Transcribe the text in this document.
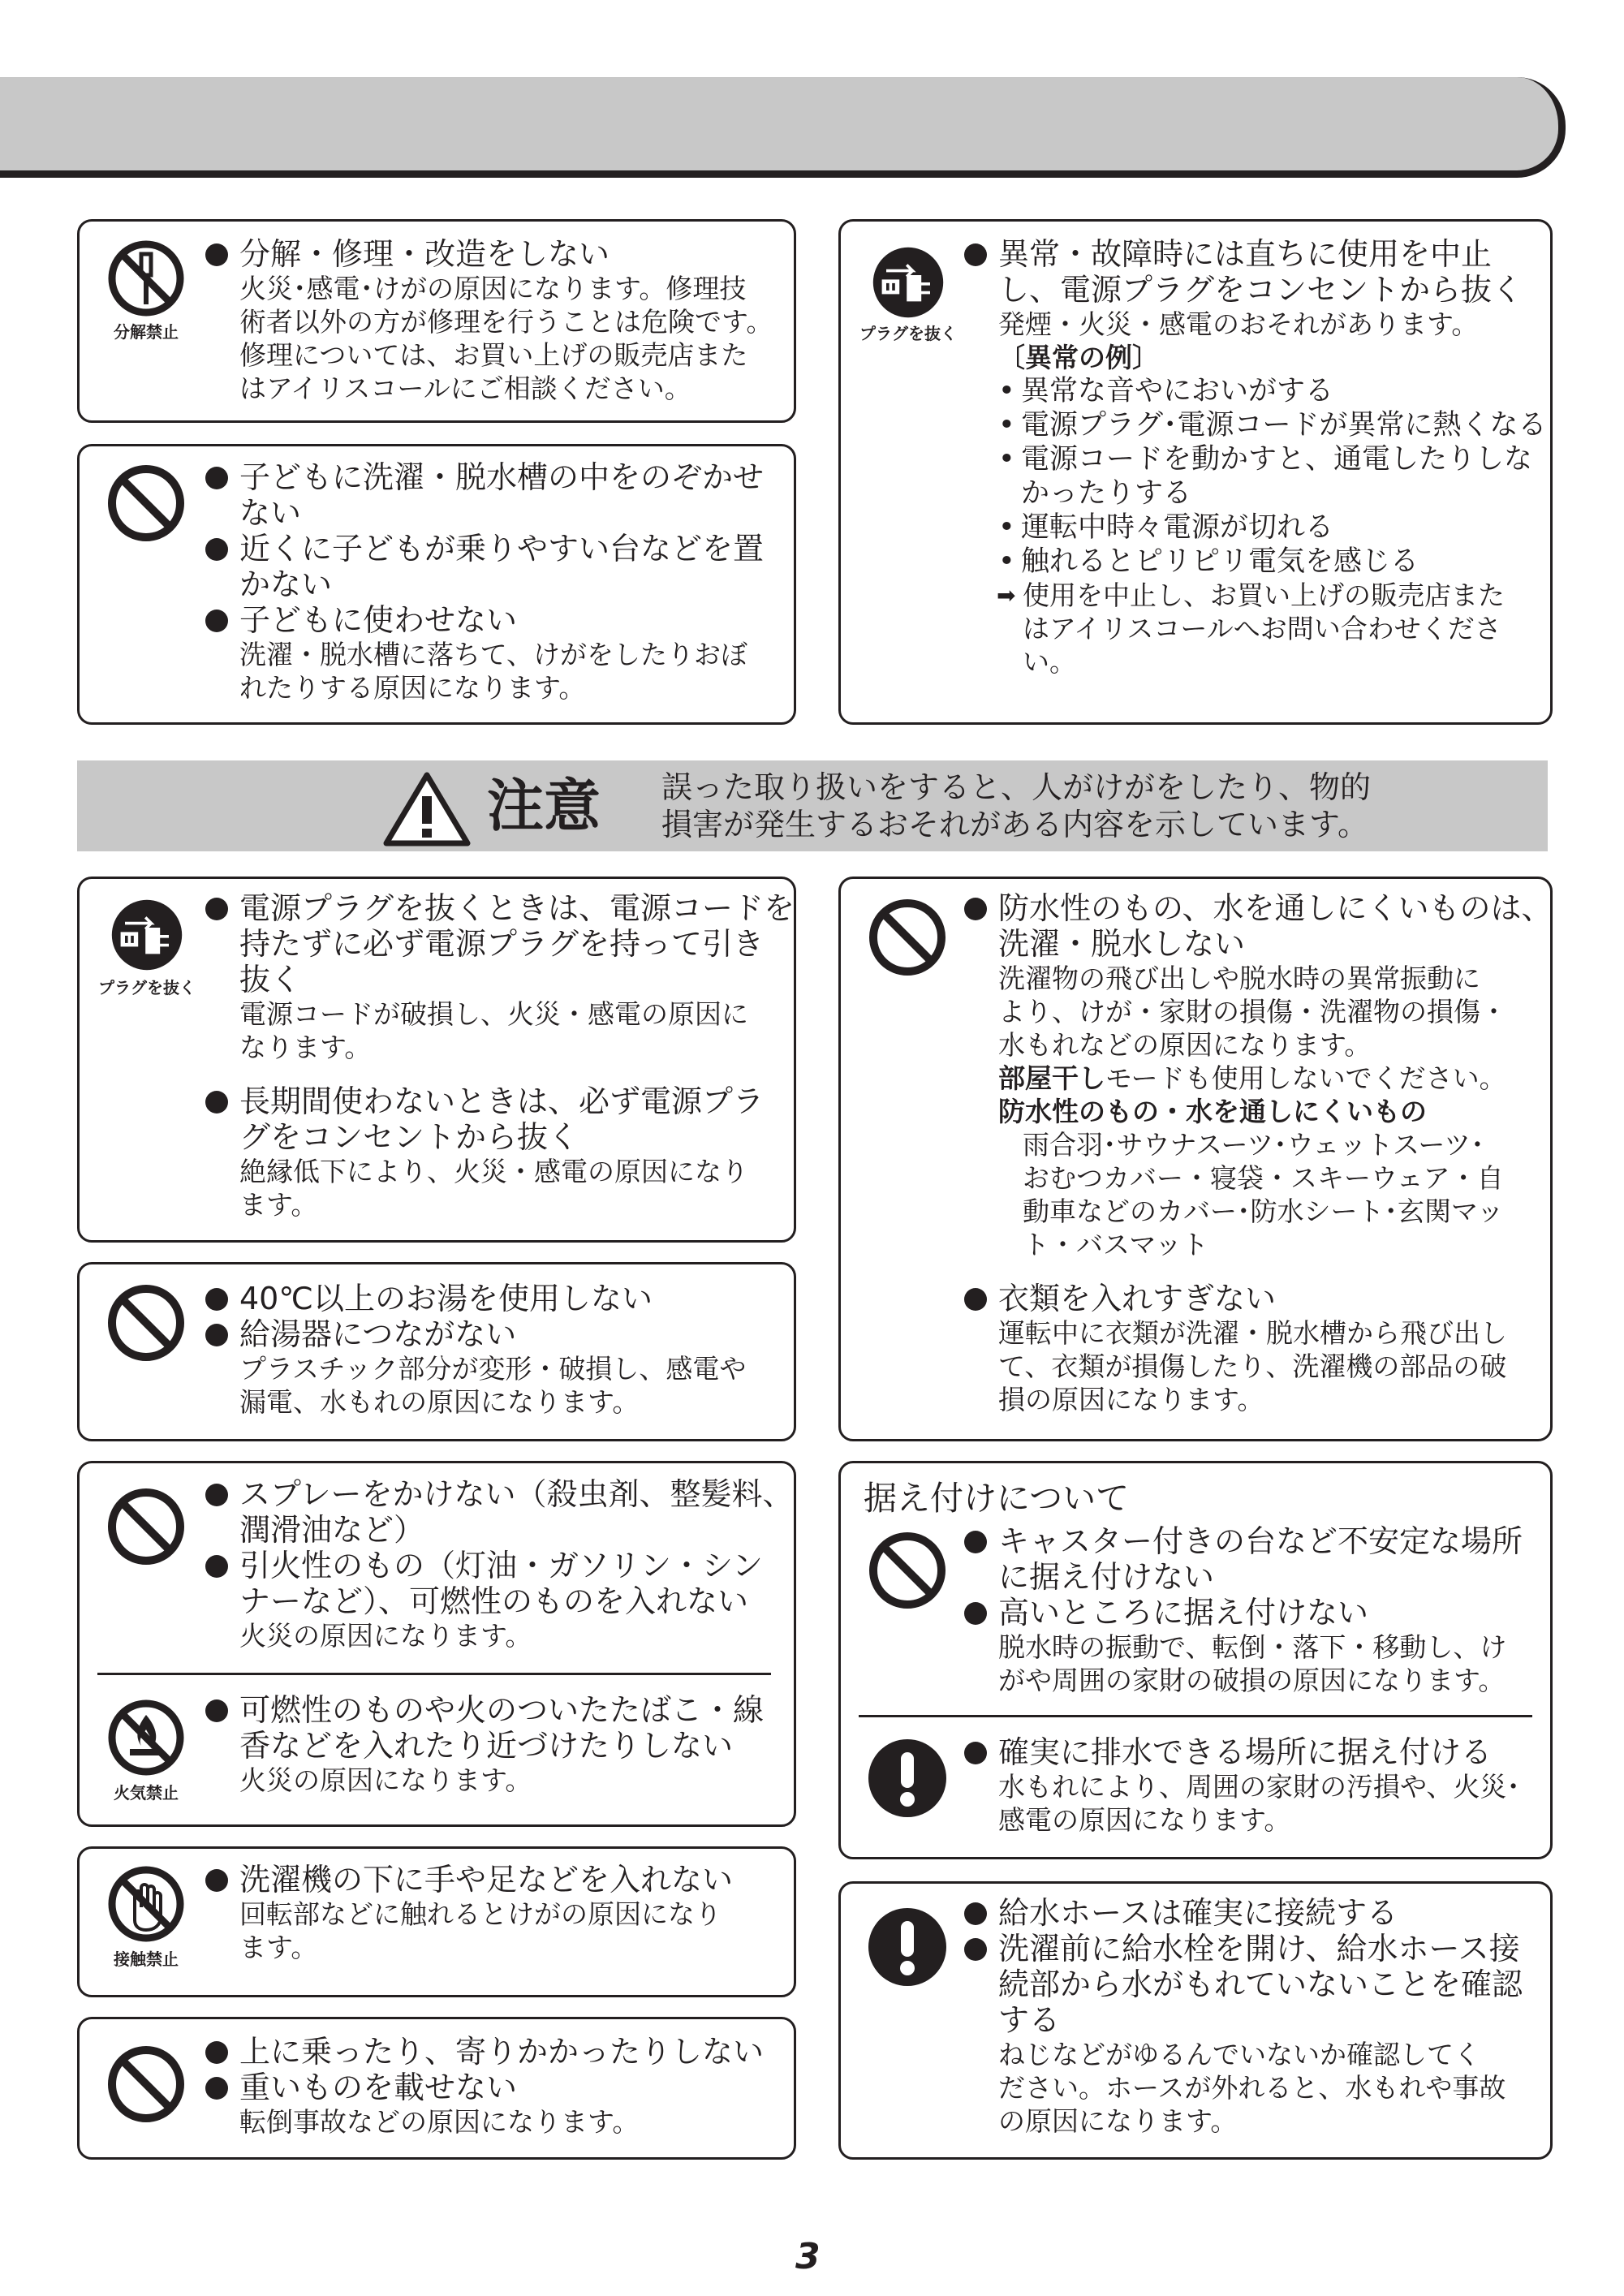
分解禁止
分解・修理・改造をしない
火災･感電･けがの原因になります。修理技
術者以外の方が修理を行うことは危険です。
修理については、お買い上げの販売店また
はアイリスコールにご相談ください。
子どもに洗濯・脱水槽の中をのぞかせ
ない
近くに子どもが乗りやすい台などを置
かない
子どもに使わせない
洗濯・脱水槽に落ちて、けがをしたりおぼ
れたりする原因になります。
プラグを抜く
異常・故障時には直ちに使用を中止
し、電源プラグをコンセントから抜く
発煙・火災・感電のおそれがあります。
〔異常の例〕
• 異常な音やにおいがする
• 電源プラグ･電源コードが異常に熱くなる
• 電源コードを動かすと、通電したりしな
かったりする
• 運転中時々電源が切れる
• 触れるとピリピリ電気を感じる
➡ 使用を中止し、お買い上げの販売店また
はアイリスコールへお問い合わせくださ
い。
注意 誤った取り扱いをすると、人がけがをしたり、物的
損害が発生するおそれがある内容を示しています。
プラグを抜く
電源プラグを抜くときは、電源コードを
持たずに必ず電源プラグを持って引き
抜く
電源コードが破損し、火災・感電の原因に
なります。
長期間使わないときは、必ず電源プラ
グをコンセントから抜く
絶縁低下により、火災・感電の原因になり
ます。
40℃以上のお湯を使用しない
給湯器につながない
プラスチック部分が変形・破損し、感電や
漏電、水もれの原因になります。
スプレーをかけない（殺虫剤、整髪料、
潤滑油など）
引火性のもの（灯油・ガソリン・シン
ナーなど）、可燃性のものを入れない
火災の原因になります。
火気禁止
可燃性のものや火のついたたばこ・線
香などを入れたり近づけたりしない
火災の原因になります。
接触禁止
洗濯機の下に手や足などを入れない
回転部などに触れるとけがの原因になり
ます。
上に乗ったり、寄りかかったりしない
重いものを載せない
転倒事故などの原因になります。
防水性のもの、水を通しにくいものは、
洗濯・脱水しない
洗濯物の飛び出しや脱水時の異常振動に
より、けが・家財の損傷・洗濯物の損傷・
水もれなどの原因になります。
部屋干しモードも使用しないでください。
防水性のもの・水を通しにくいもの
雨合羽･サウナスーツ･ウェットスーツ･
おむつカバー・寝袋・スキーウェア・自
動車などのカバー･防水シート･玄関マッ
ト・バスマット
衣類を入れすぎない
運転中に衣類が洗濯・脱水槽から飛び出し
て、衣類が損傷したり、洗濯機の部品の破
損の原因になります。
据え付けについて
キャスター付きの台など不安定な場所
に据え付けない
高いところに据え付けない
脱水時の振動で、転倒・落下・移動し、け
がや周囲の家財の破損の原因になります。
確実に排水できる場所に据え付ける
水もれにより、周囲の家財の汚損や、火災･
感電の原因になります。
給水ホースは確実に接続する
洗濯前に給水栓を開け、給水ホース接
続部から水がもれていないことを確認
する
ねじなどがゆるんでいないか確認してく
ださい。ホースが外れると、水もれや事故
の原因になります。
3
